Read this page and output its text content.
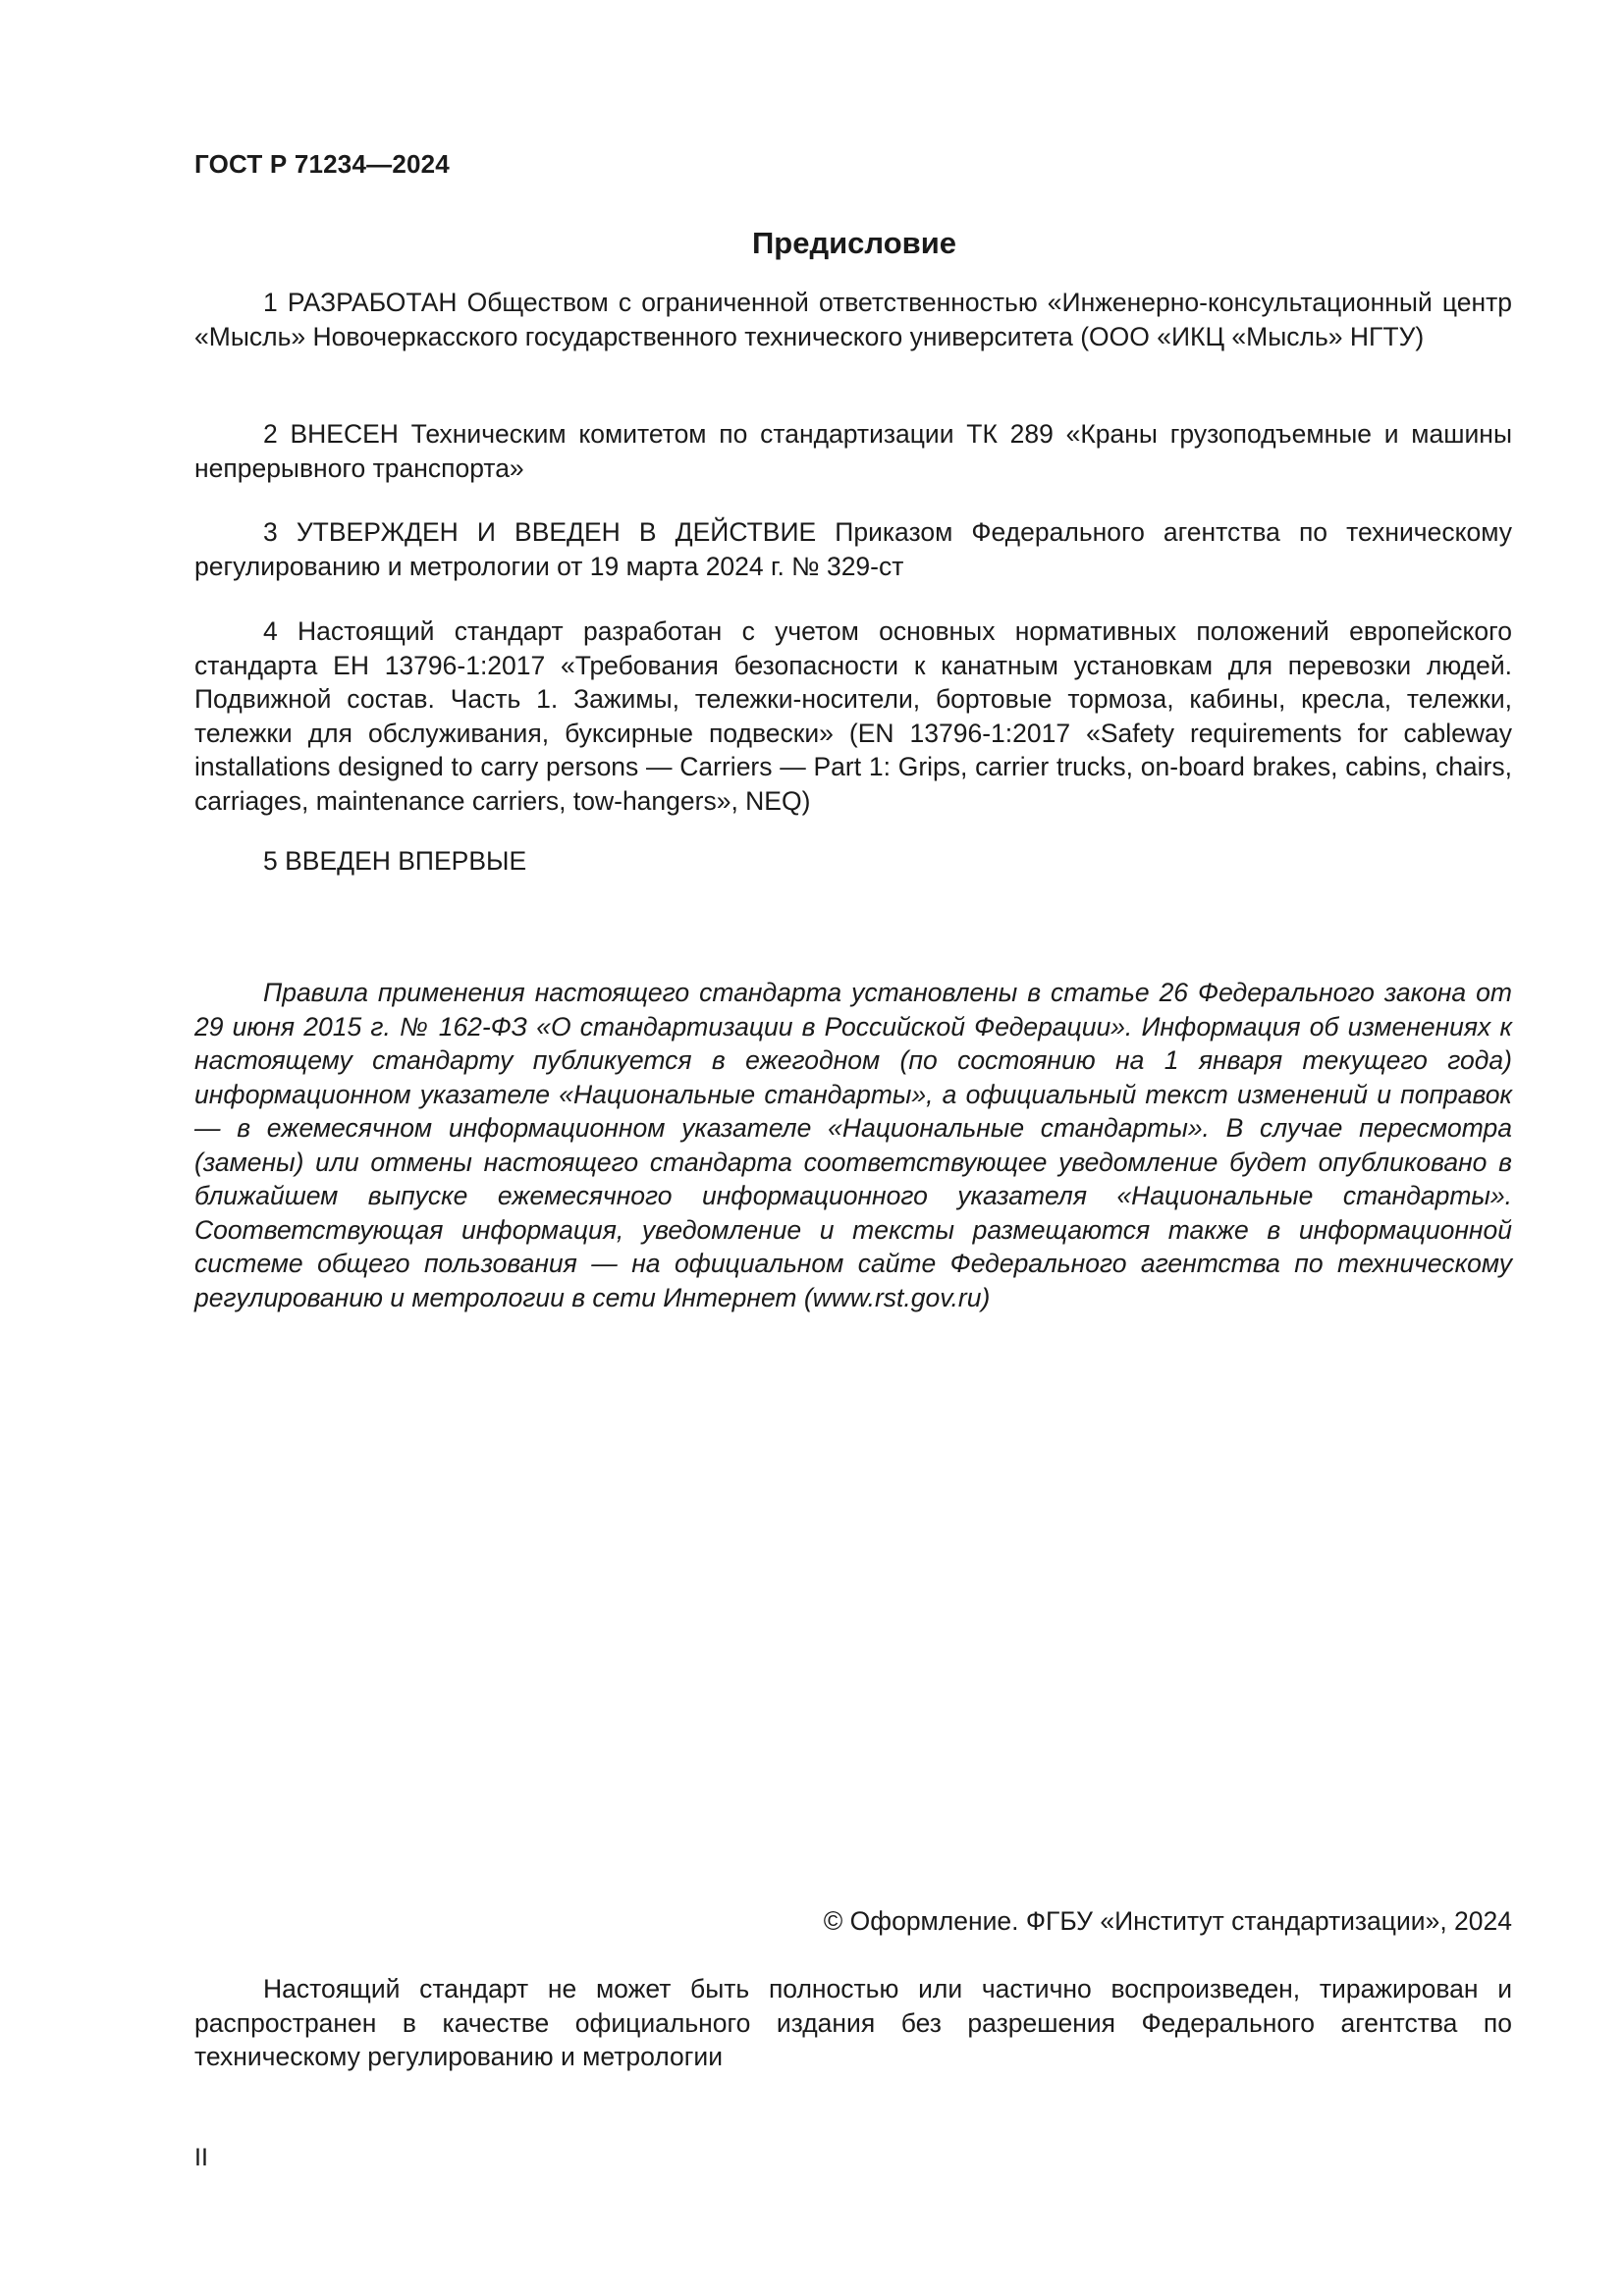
ГОСТ Р 71234—2024
Предисловие

1 РАЗРАБОТАН Обществом с ограниченной ответственностью «Инженерно-консультационный центр «Мысль» Новочеркасского государственного технического университета (ООО «ИКЦ «Мысль» НГТУ)

2 ВНЕСЕН Техническим комитетом по стандартизации ТК 289 «Краны грузоподъемные и машины непрерывного транспорта»

3 УТВЕРЖДЕН И ВВЕДЕН В ДЕЙСТВИЕ Приказом Федерального агентства по техническому регулированию и метрологии от 19 марта 2024 г. № 329-ст

4 Настоящий стандарт разработан с учетом основных нормативных положений европейского стандарта ЕН 13796-1:2017 «Требования безопасности к канатным установкам для перевозки людей. Подвижной состав. Часть 1. Зажимы, тележки-носители, бортовые тормоза, кабины, кресла, тележки, тележки для обслуживания, буксирные подвески» (EN 13796-1:2017 «Safety requirements for cableway installations designed to carry persons — Carriers — Part 1: Grips, carrier trucks, on-board brakes, cabins, chairs, carriages, maintenance carriers, tow-hangers», NEQ)

5 ВВЕДЕН ВПЕРВЫЕ

Правила применения настоящего стандарта установлены в статье 26 Федерального закона от 29 июня 2015 г. № 162-ФЗ «О стандартизации в Российской Федерации». Информация об изменениях к настоящему стандарту публикуется в ежегодном (по состоянию на 1 января текущего года) информационном указателе «Национальные стандарты», а официальный текст изменений и поправок — в ежемесячном информационном указателе «Национальные стандарты». В случае пересмотра (замены) или отмены настоящего стандарта соответствующее уведомление будет опубликовано в ближайшем выпуске ежемесячного информационного указателя «Национальные стандарты». Соответствующая информация, уведомление и тексты размещаются также в информационной системе общего пользования — на официальном сайте Федерального агентства по техническому регулированию и метрологии в сети Интернет (www.rst.gov.ru)

© Оформление. ФГБУ «Институт стандартизации», 2024

Настоящий стандарт не может быть полностью или частично воспроизведен, тиражирован и распространен в качестве официального издания без разрешения Федерального агентства по техническому регулированию и метрологии

II
